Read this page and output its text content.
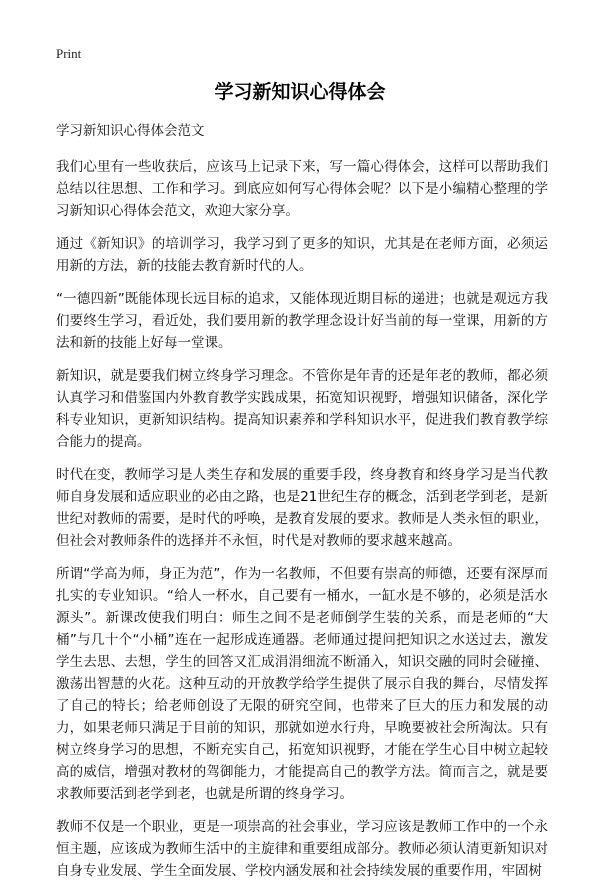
Print
学习新知识心得体会

学习新知识心得体会范文

我们心里有一些收获后，应该马上记录下来，写一篇心得体会，这样可以帮助我们总结以往思想、工作和学习。到底应如何写心得体会呢？以下是小编精心整理的学习新知识心得体会范文，欢迎大家分享。

通过《新知识》的培训学习，我学习到了更多的知识，尤其是在老师方面，必须运用新的方法，新的技能去教育新时代的人。

“一德四新”既能体现长远目标的追求，又能体现近期目标的递进；也就是观远方我们要终生学习，看近处，我们要用新的教学理念设计好当前的每一堂课，用新的方法和新的技能上好每一堂课。

新知识，就是要我们树立终身学习理念。不管你是年青的还是年老的教师，都必须认真学习和借鉴国内外教育教学实践成果，拓宽知识视野，增强知识储备，深化学科专业知识，更新知识结构。提高知识素养和学科知识水平，促进我们教育教学综合能力的提高。

时代在变，教师学习是人类生存和发展的重要手段，终身教育和终身学习是当代教师自身发展和适应职业的必由之路，也是21世纪生存的概念，活到老学到老，是新世纪对教师的需要，是时代的呼唤，是教育发展的要求。教师是人类永恒的职业，但社会对教师条件的选择并不永恒，时代是对教师的要求越来越高。

所谓“学高为师，身正为范”，作为一名教师，不但要有崇高的师德，还要有深厚而扎实的专业知识。“给人一杯水，自己要有一桶水，一缸水是不够的，必须是活水源头”。新课改使我们明白：师生之间不是老师倒学生装的关系，而是老师的“大桶”与几十个“小桶”连在一起形成连通器。老师通过提问把知识之水送过去，激发学生去思、去想，学生的回答又汇成涓涓细流不断涌入，知识交融的同时会碰撞、激荡出智慧的火花。这种互动的开放教学给学生提供了展示自我的舞台，尽情发挥了自己的特长；给老师创设了无限的研究空间，也带来了巨大的压力和发展的动力，如果老师只满足于目前的知识，那就如逆水行舟，早晚要被社会所淘汰。只有树立终身学习的思想，不断充实自己，拓宽知识视野，才能在学生心目中树立起较高的威信，增强对教材的驾御能力，才能提高自己的教学方法。简而言之，就是要求教师要活到老学到老，也就是所谓的终身学习。

教师不仅是一个职业，更是一项崇高的社会事业，学习应该是教师工作中的一个永恒主题，应该成为教师生活中的主旋律和重要组成部分。教师必须认清更新知识对自身专业发展、学生全面发展、学校内涵发展和社会持续发展的重要作用，牢固树
